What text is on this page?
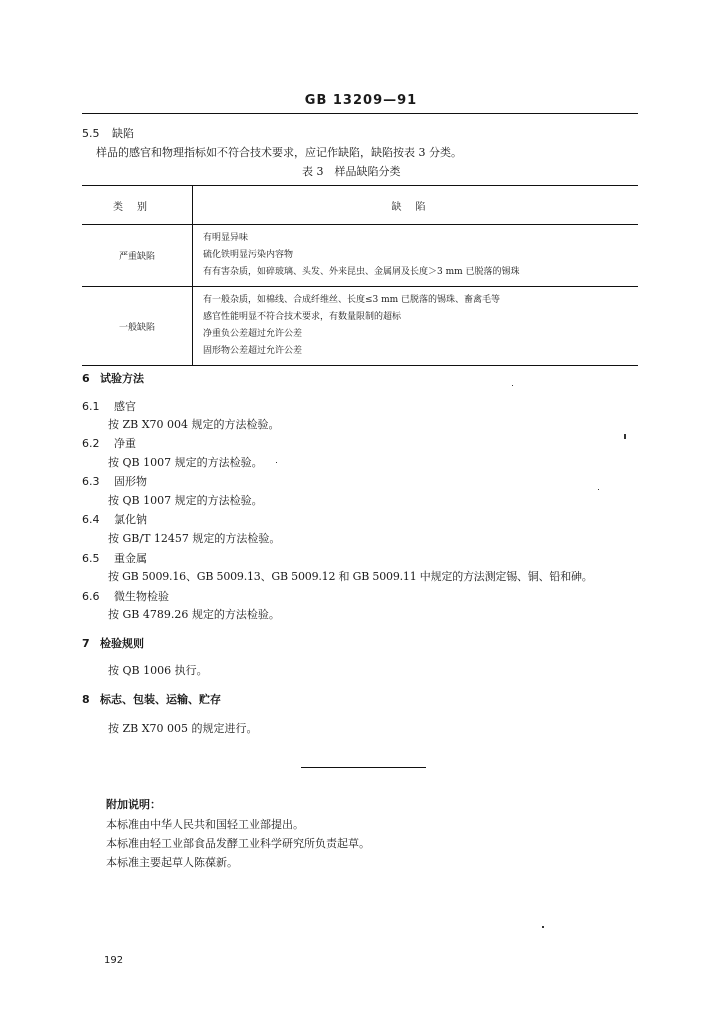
GB 13209—91
5.5 缺陷
样品的感官和物理指标如不符合技术要求，应记作缺陷，缺陷按表 3 分类。
表 3　样品缺陷分类
类别	缺陷
严重缺陷	有明显异味
硫化铁明显污染内容物
有有害杂质，如碎玻璃、头发、外来昆虫、金属屑及长度＞3 mm 已脱落的锡珠

一般缺陷	有一般杂质，如棉线、合成纤维丝、长度≤3 mm 已脱落的锡珠、畜禽毛等
感官性能明显不符合技术要求，有数量限制的超标
净重负公差超过允许公差
固形物公差超过允许公差
6 试验方法
6.1 感官
按 ZB X70 004 规定的方法检验。
6.2 净重
按 QB 1007 规定的方法检验。
6.3 固形物
按 QB 1007 规定的方法检验。
6.4 氯化钠
按 GB/T 12457 规定的方法检验。
6.5 重金属
按 GB 5009.16、GB 5009.13、GB 5009.12 和 GB 5009.11 中规定的方法测定锡、铜、铅和砷。
6.6 微生物检验
按 GB 4789.26 规定的方法检验。
7 检验规则
按 QB 1006 执行。
8 标志、包装、运输、贮存
按 ZB X70 005 的规定进行。
附加说明：
本标准由中华人民共和国轻工业部提出。
本标准由轻工业部食品发酵工业科学研究所负责起草。
本标准主要起草人陈葆新。
192
